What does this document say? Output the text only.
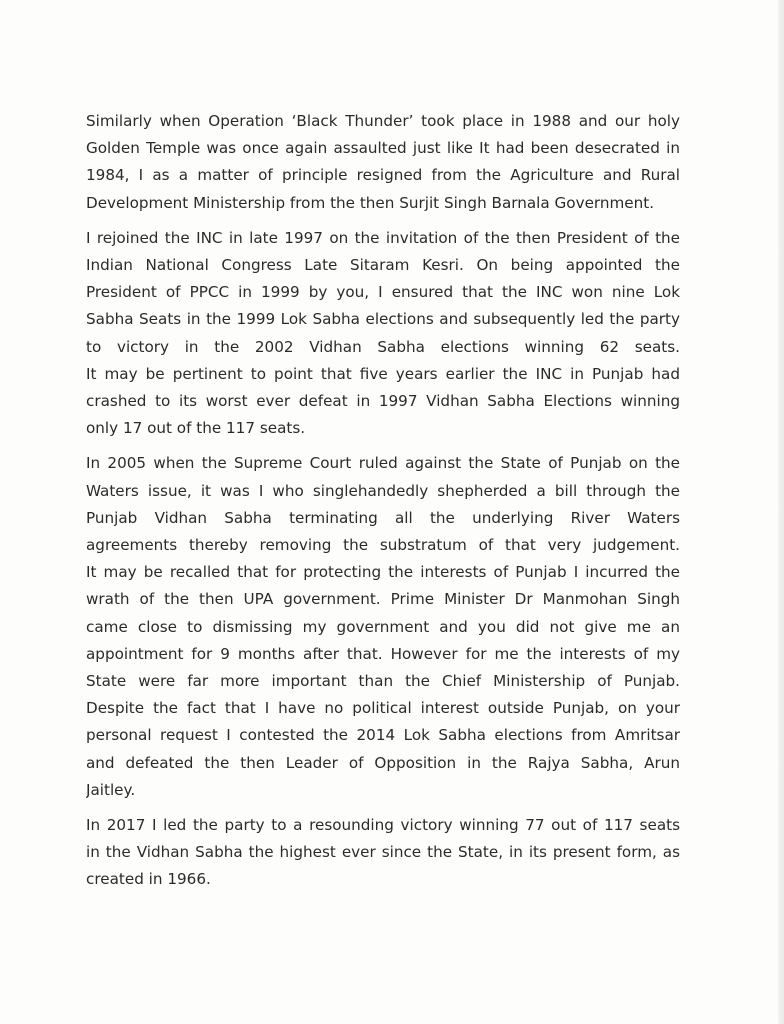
Similarly when Operation ‘Black Thunder’ took place in 1988 and our holy
Golden Temple was once again assaulted just like It had been desecrated in
1984, I as a matter of principle resigned from the Agriculture and Rural
Development Ministership from the then Surjit Singh Barnala Government.

I rejoined the INC in late 1997 on the invitation of the then President of the
Indian National Congress Late Sitaram Kesri. On being appointed the
President of PPCC in 1999 by you, I ensured that the INC won nine Lok
Sabha Seats in the 1999 Lok Sabha elections and subsequently led the party
to victory in the 2002 Vidhan Sabha elections winning 62 seats.
It may be pertinent to point that five years earlier the INC in Punjab had
crashed to its worst ever defeat in 1997 Vidhan Sabha Elections winning
only 17 out of the 117 seats.

In 2005 when the Supreme Court ruled against the State of Punjab on the
Waters issue, it was I who singlehandedly shepherded a bill through the
Punjab Vidhan Sabha terminating all the underlying River Waters
agreements thereby removing the substratum of that very judgement.
It may be recalled that for protecting the interests of Punjab I incurred the
wrath of the then UPA government. Prime Minister Dr Manmohan Singh
came close to dismissing my government and you did not give me an
appointment for 9 months after that. However for me the interests of my
State were far more important than the Chief Ministership of Punjab.
Despite the fact that I have no political interest outside Punjab, on your
personal request I contested the 2014 Lok Sabha elections from Amritsar
and defeated the then Leader of Opposition in the Rajya Sabha, Arun
Jaitley.

In 2017 I led the party to a resounding victory winning 77 out of 117 seats
in the Vidhan Sabha the highest ever since the State, in its present form, as
created in 1966.
